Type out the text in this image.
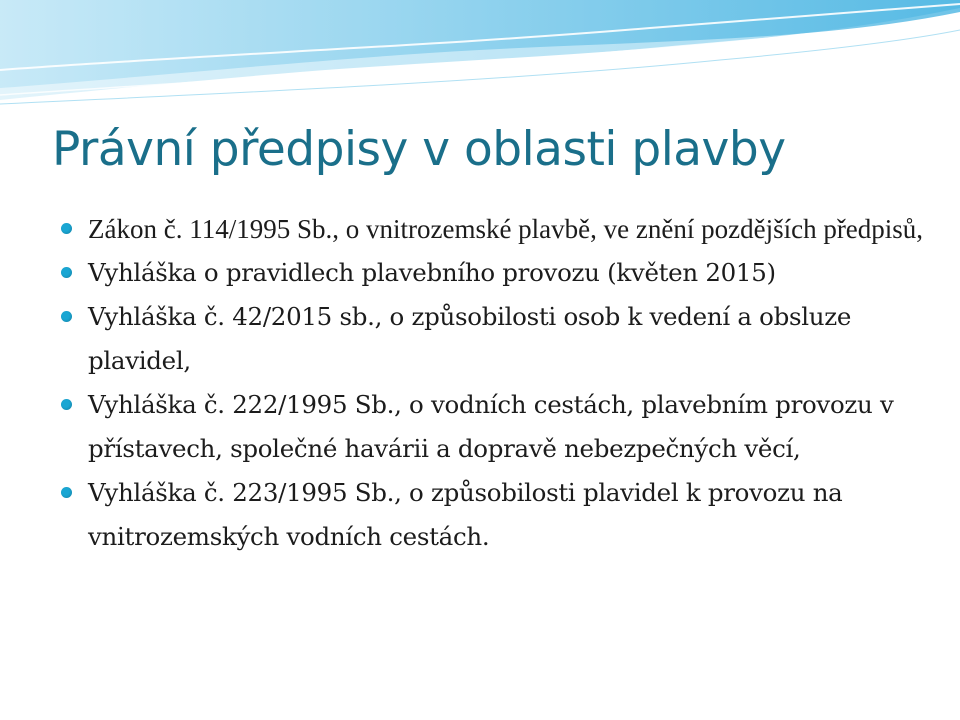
Právní předpisy v oblasti plavby
Zákon č. 114/1995 Sb., o vnitrozemské plavbě, ve znění pozdějších předpisů,
Vyhláška o pravidlech plavebního provozu (květen 2015)
Vyhláška č. 42/2015 sb., o způsobilosti osob k vedení a obsluze plavidel,
Vyhláška č. 222/1995 Sb., o vodních cestách, plavebním provozu v přístavech, společné havárii a dopravě nebezpečných věcí,
Vyhláška č. 223/1995 Sb., o způsobilosti plavidel k provozu na vnitrozemských vodních cestách.
